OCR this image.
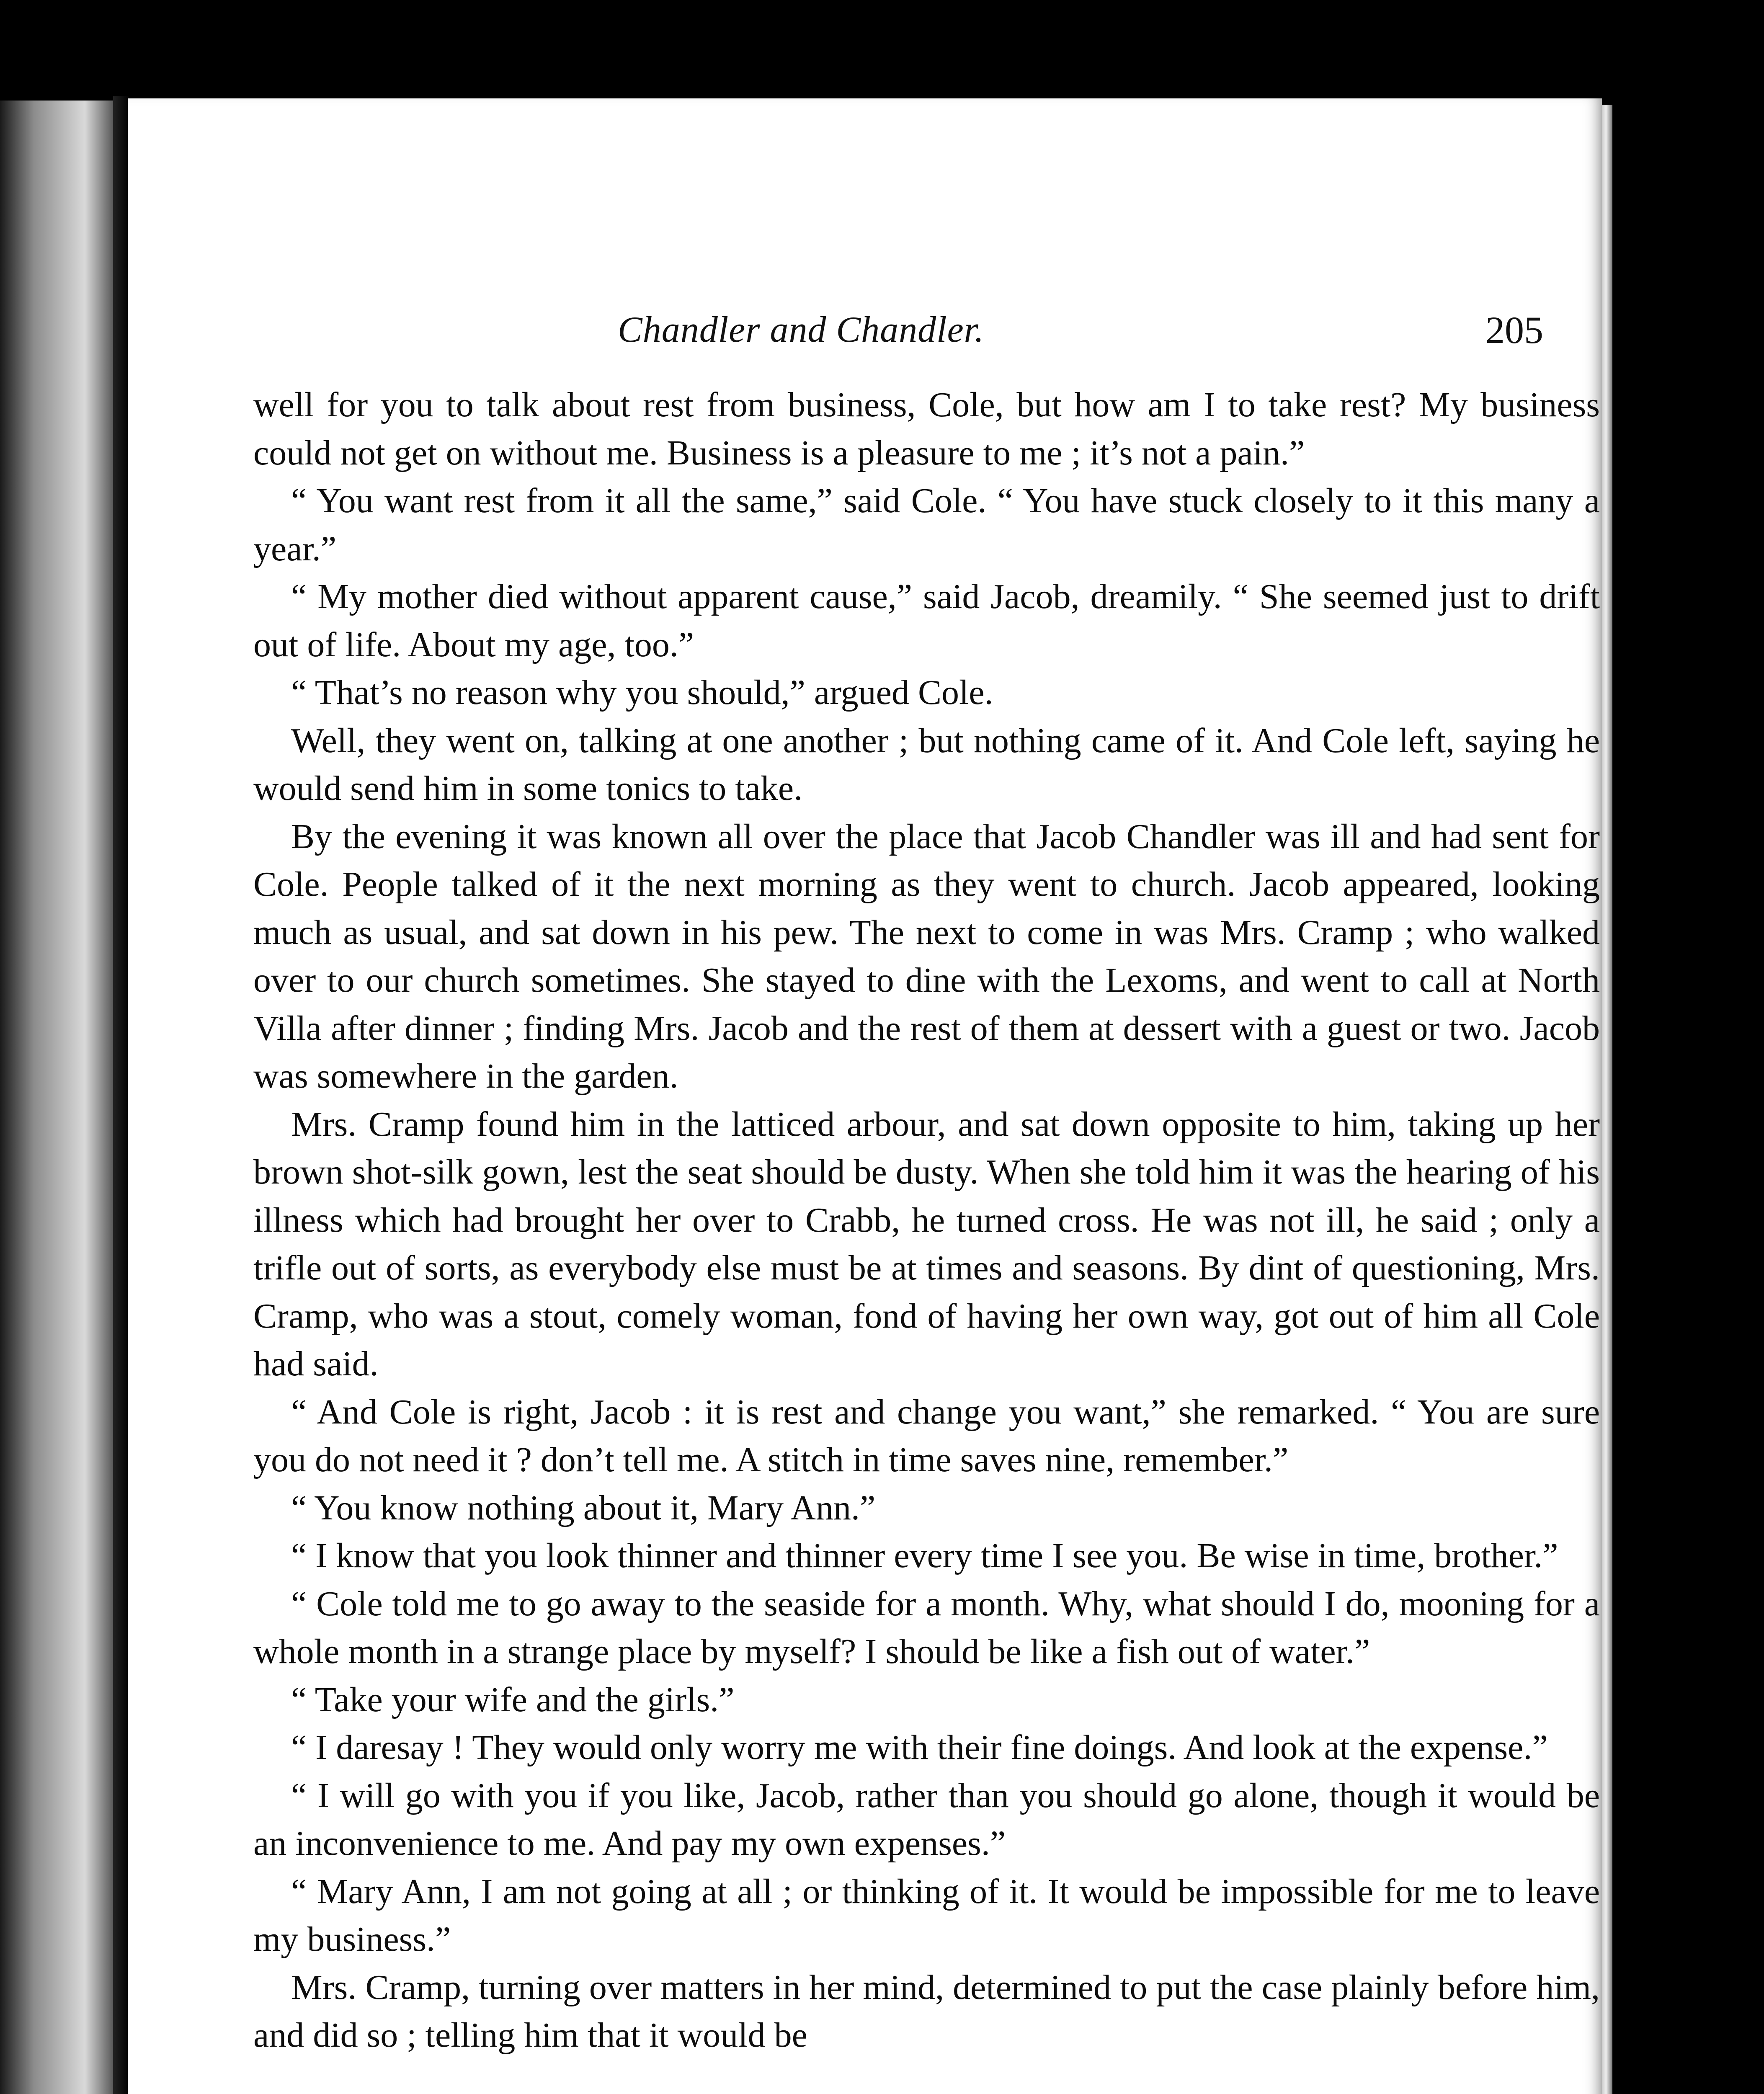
Chandler and Chandler.	205

well for you to talk about rest from business, Cole, but how am I to take rest? My business could not get on without me. Business is a pleasure to me ; it’s not a pain.”

“ You want rest from it all the same,” said Cole. “ You have stuck closely to it this many a year.”

“ My mother died without apparent cause,” said Jacob, dreamily. “ She seemed just to drift out of life. About my age, too.”

“ That’s no reason why you should,” argued Cole.

Well, they went on, talking at one another ; but nothing came of it. And Cole left, saying he would send him in some tonics to take.

By the evening it was known all over the place that Jacob Chandler was ill and had sent for Cole. People talked of it the next morning as they went to church. Jacob appeared, looking much as usual, and sat down in his pew. The next to come in was Mrs. Cramp ; who walked over to our church sometimes. She stayed to dine with the Lexoms, and went to call at North Villa after dinner ; finding Mrs. Jacob and the rest of them at dessert with a guest or two. Jacob was somewhere in the garden.

Mrs. Cramp found him in the latticed arbour, and sat down opposite to him, taking up her brown shot-silk gown, lest the seat should be dusty. When she told him it was the hearing of his illness which had brought her over to Crabb, he turned cross. He was not ill, he said ; only a trifle out of sorts, as everybody else must be at times and seasons. By dint of questioning, Mrs. Cramp, who was a stout, comely woman, fond of having her own way, got out of him all Cole had said.

“ And Cole is right, Jacob : it is rest and change you want,” she remarked. “ You are sure you do not need it ? don’t tell me. A stitch in time saves nine, remember.”

“ You know nothing about it, Mary Ann.”

“ I know that you look thinner and thinner every time I see you. Be wise in time, brother.”

“ Cole told me to go away to the seaside for a month. Why, what should I do, mooning for a whole month in a strange place by myself? I should be like a fish out of water.”

“ Take your wife and the girls.”

“ I daresay ! They would only worry me with their fine doings. And look at the expense.”

“ I will go with you if you like, Jacob, rather than you should go alone, though it would be an inconvenience to me. And pay my own expenses.”

“ Mary Ann, I am not going at all ; or thinking of it. It would be impossible for me to leave my business.”

Mrs. Cramp, turning over matters in her mind, determined to put the case plainly before him, and did so ; telling him that it would be
